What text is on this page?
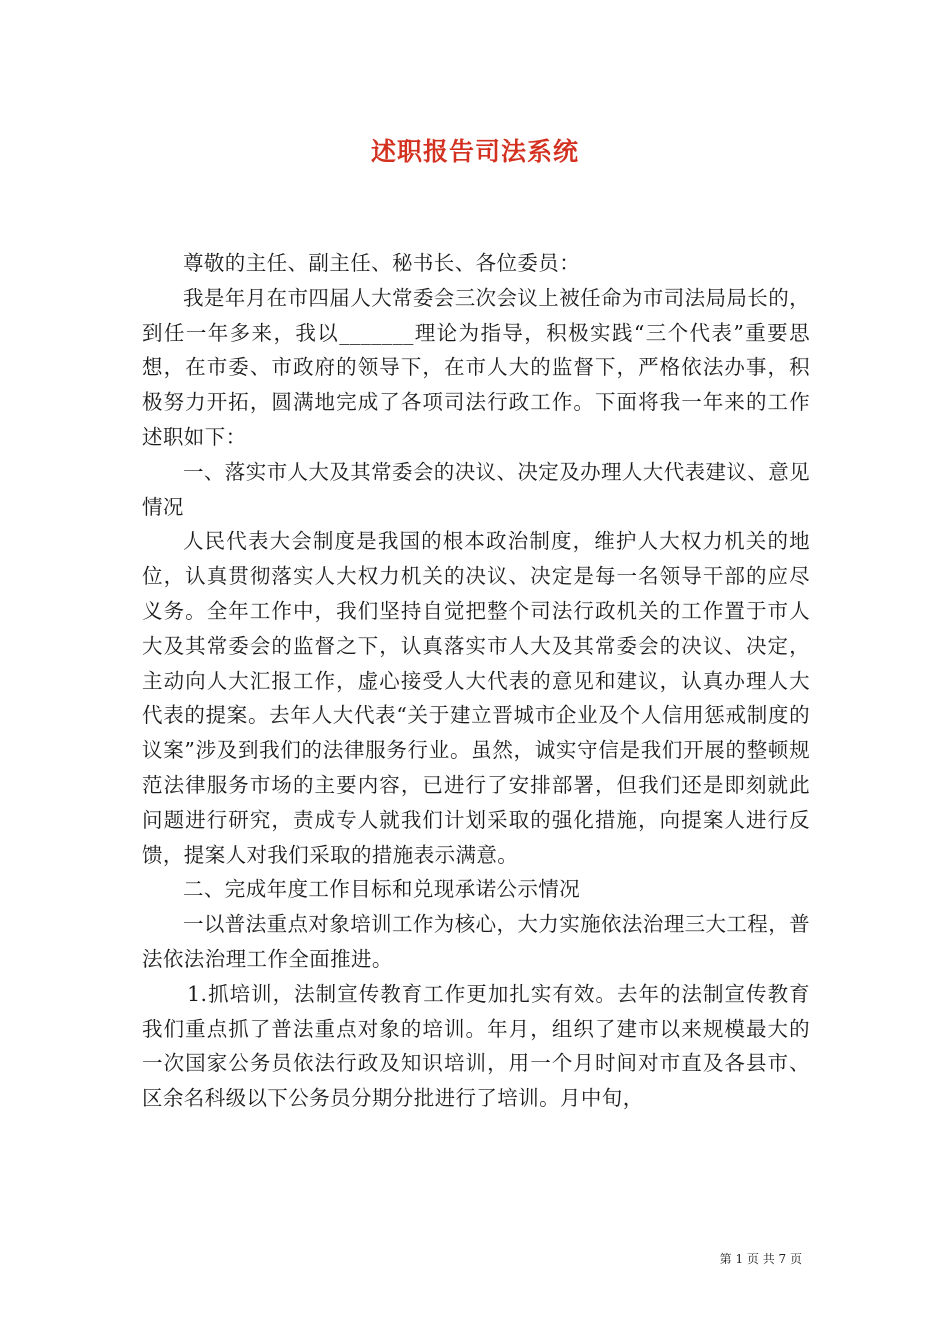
述职报告司法系统

尊敬的主任、副主任、秘书长、各位委员：

我是年月在市四届人大常委会三次会议上被任命为市司法局局长的，到任一年多来，我以_______理论为指导，积极实践“三个代表”重要思想，在市委、市政府的领导下，在市人大的监督下，严格依法办事，积极努力开拓，圆满地完成了各项司法行政工作。下面将我一年来的工作述职如下：

一、落实市人大及其常委会的决议、决定及办理人大代表建议、意见情况

人民代表大会制度是我国的根本政治制度，维护人大权力机关的地位，认真贯彻落实人大权力机关的决议、决定是每一名领导干部的应尽义务。全年工作中，我们坚持自觉把整个司法行政机关的工作置于市人大及其常委会的监督之下，认真落实市人大及其常委会的决议、决定，主动向人大汇报工作，虚心接受人大代表的意见和建议，认真办理人大代表的提案。去年人大代表“关于建立晋城市企业及个人信用惩戒制度的议案”涉及到我们的法律服务行业。虽然，诚实守信是我们开展的整顿规范法律服务市场的主要内容，已进行了安排部署，但我们还是即刻就此问题进行研究，责成专人就我们计划采取的强化措施，向提案人进行反馈，提案人对我们采取的措施表示满意。

二、完成年度工作目标和兑现承诺公示情况

一以普法重点对象培训工作为核心，大力实施依法治理三大工程，普法依法治理工作全面推进。

1.抓培训，法制宣传教育工作更加扎实有效。去年的法制宣传教育我们重点抓了普法重点对象的培训。年月，组织了建市以来规模最大的一次国家公务员依法行政及知识培训，用一个月时间对市直及各县市、区余名科级以下公务员分期分批进行了培训。月中旬，

第 1 页 共 7 页
